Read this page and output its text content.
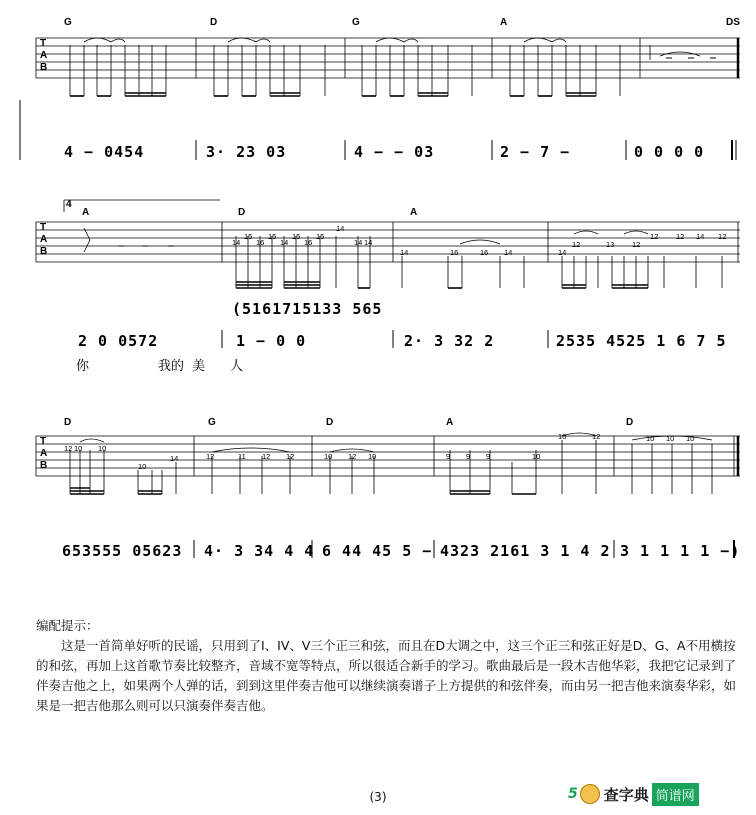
T
A
B
T
A
B
T
A
B
G	D	G	A	DS
4 − 0454	3· 23 03	4 − − 03	2 − 7 −	0 0 0 0
4
A	D	A
14
15
16
15
14
15
16
15
14
14 14
14	16	16 14	14
12	13 12
12 12 14 12
(5161715133 565
2 0 0572	1 − 0 0	2· 3 32 2	2535 4525 1 6 7 5
你	我的 美 人
D	G	D	A	D
12 10 10
10
14	12	11 12 12	10 12 10	9 9 9	10
10	12	10 10 10
653555 05623 4· 3 34 4 4 6 44 45 5 − 4323 2161 3 1 4 2 3 1 1 1 1 −)

编配提示：

这是一首简单好听的民谣，只用到了I、IV、V三个正三和弦，而且在D大调之中，这三个正三和弦正好是D、G、A不用横按的和弦，再加上这首歌节奏比较整齐，音域不宽等特点，所以很适合新手的学习。歌曲最后是一段木吉他华彩，我把它记录到了伴奏吉他之上，如果两个人弹的话，到到这里伴奏吉他可以继续演奏谱子上方提供的和弦伴奏，而由另一把吉他来演奏华彩，如果是一把吉他那么则可以只演奏伴奏吉他。

(3)	5 查字典 简谱网
